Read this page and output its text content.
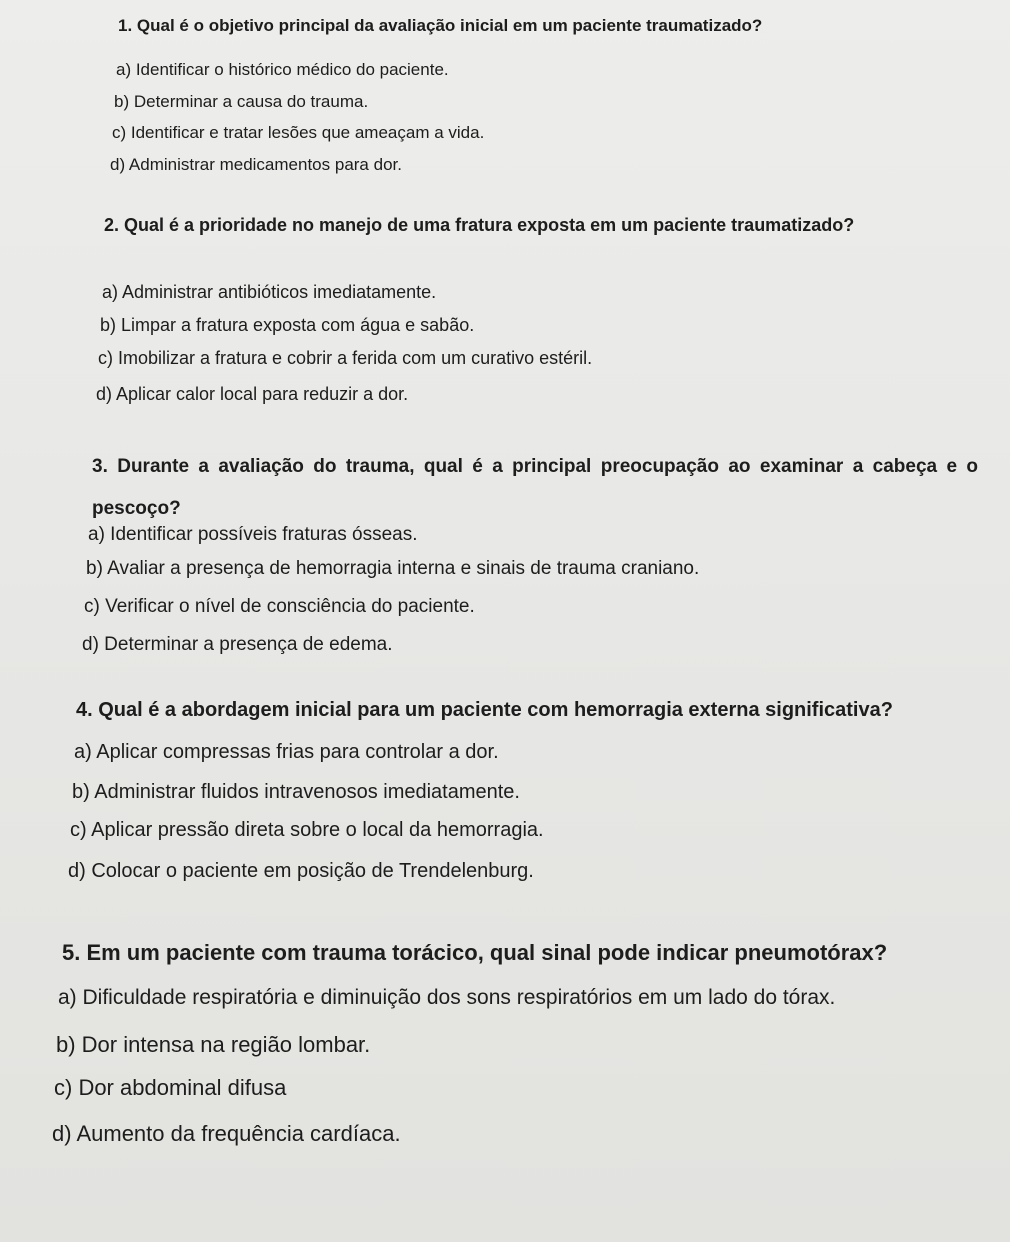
1. Qual é o objetivo principal da avaliação inicial em um paciente traumatizado?

a) Identificar o histórico médico do paciente.

b) Determinar a causa do trauma.

c) Identificar e tratar lesões que ameaçam a vida.

d) Administrar medicamentos para dor.

2. Qual é a prioridade no manejo de uma fratura exposta em um paciente traumatizado?

a) Administrar antibióticos imediatamente.

b) Limpar a fratura exposta com água e sabão.

c) Imobilizar a fratura e cobrir a ferida com um curativo estéril.

d) Aplicar calor local para reduzir a dor.

3. Durante a avaliação do trauma, qual é a principal preocupação ao examinar a cabeça e o pescoço?

a) Identificar possíveis fraturas ósseas.

b) Avaliar a presença de hemorragia interna e sinais de trauma craniano.

c) Verificar o nível de consciência do paciente.

d) Determinar a presença de edema.

4. Qual é a abordagem inicial para um paciente com hemorragia externa significativa?

a) Aplicar compressas frias para controlar a dor.

b) Administrar fluidos intravenosos imediatamente.

c) Aplicar pressão direta sobre o local da hemorragia.

d) Colocar o paciente em posição de Trendelenburg.

5. Em um paciente com trauma torácico, qual sinal pode indicar pneumotórax?

a) Dificuldade respiratória e diminuição dos sons respiratórios em um lado do tórax.

b) Dor intensa na região lombar.

c) Dor abdominal difusa

d) Aumento da frequência cardíaca.
